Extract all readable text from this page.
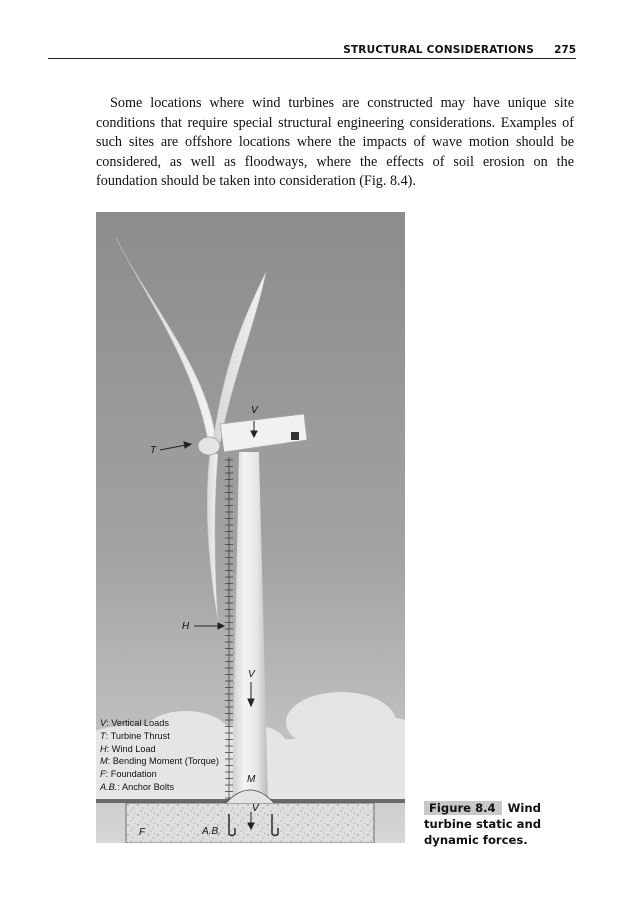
STRUCTURAL CONSIDERATIONS 275

Some locations where wind turbines are constructed may have unique site conditions that require special structural engineering considerations. Examples of such sites are offshore locations where the impacts of wave motion should be considered, as well as floodways, where the effects of soil erosion on the foundation should be taken into consideration (Fig. 8.4).

V
T
H
V
M
V
F	A.B.
V: Vertical Loads
T: Turbine Thrust
H: Wind Load
M: Bending Moment (Torque)
F: Foundation
A.B.: Anchor Bolts
Figure 8.4 Wind turbine static and dynamic forces.
